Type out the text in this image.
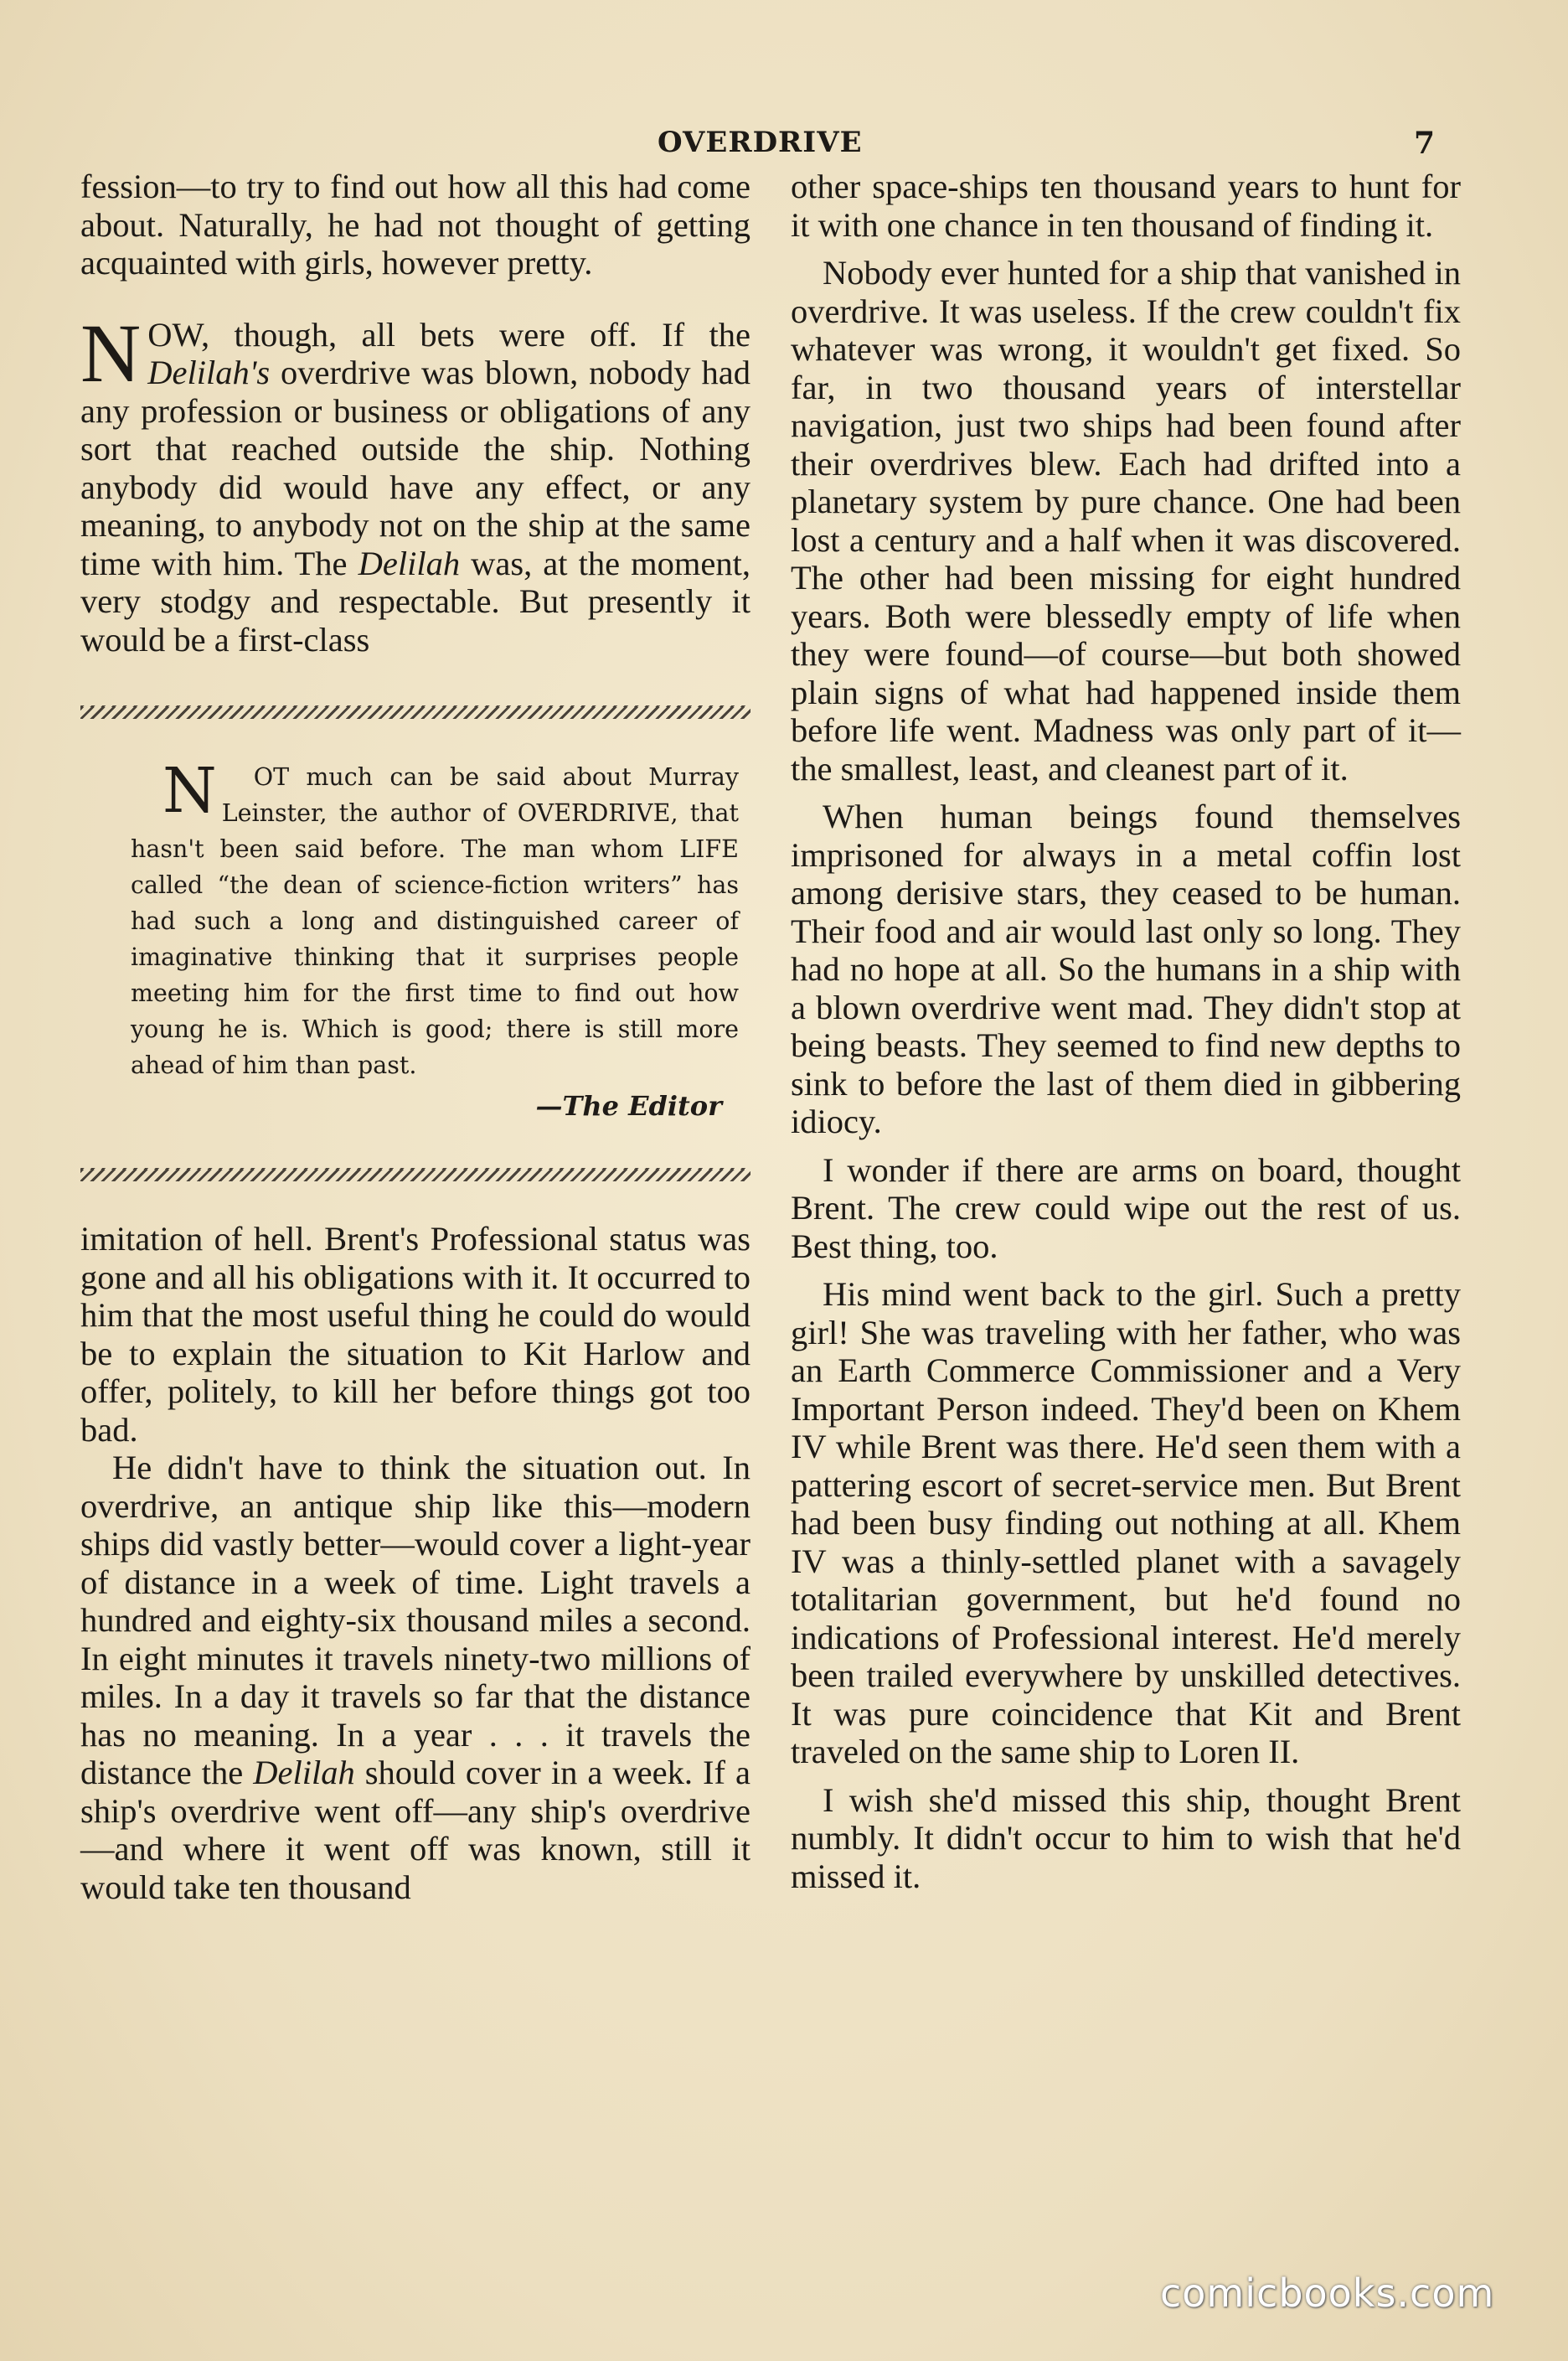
OVERDRIVE	7

fession—to try to find out how all this had come about. Naturally, he had not thought of getting acquainted with girls, however pretty.

NOW, though, all bets were off. If the Delilah's overdrive was blown, nobody had any profession or business or obligations of any sort that reached outside the ship. Nothing anybody did would have any effect, or any meaning, to anybody not on the ship at the same time with him. The Delilah was, at the moment, very stodgy and respectable. But presently it would be a first-class

N OT much can be said about Murray Leinster, the author of OVERDRIVE, that hasn't been said before. The man whom LIFE called “the dean of science-fiction writers” has had such a long and distinguished career of imaginative thinking that it surprises people meeting him for the first time to find out how young he is. Which is good; there is still more ahead of him than past.

—The Editor

imitation of hell. Brent's Professional status was gone and all his obligations with it. It occurred to him that the most useful thing he could do would be to explain the situation to Kit Harlow and offer, politely, to kill her before things got too bad.

He didn't have to think the situation out. In overdrive, an antique ship like this—modern ships did vastly better—would cover a light-year of distance in a week of time. Light travels a hundred and eighty-six thousand miles a second. In eight minutes it travels ninety-two millions of miles. In a day it travels so far that the distance has no meaning. In a year . . . it travels the distance the Delilah should cover in a week. If a ship's overdrive went off—any ship's overdrive—and where it went off was known, still it would take ten thousand

other space-ships ten thousand years to hunt for it with one chance in ten thousand of finding it.

Nobody ever hunted for a ship that vanished in overdrive. It was useless. If the crew couldn't fix whatever was wrong, it wouldn't get fixed. So far, in two thousand years of interstellar navigation, just two ships had been found after their overdrives blew. Each had drifted into a planetary system by pure chance. One had been lost a century and a half when it was discovered. The other had been missing for eight hundred years. Both were blessedly empty of life when they were found—of course—but both showed plain signs of what had happened inside them before life went. Madness was only part of it—the smallest, least, and cleanest part of it.

When human beings found themselves imprisoned for always in a metal coffin lost among derisive stars, they ceased to be human. Their food and air would last only so long. They had no hope at all. So the humans in a ship with a blown overdrive went mad. They didn't stop at being beasts. They seemed to find new depths to sink to before the last of them died in gibbering idiocy.

I wonder if there are arms on board, thought Brent. The crew could wipe out the rest of us. Best thing, too.

His mind went back to the girl. Such a pretty girl! She was traveling with her father, who was an Earth Commerce Commissioner and a Very Important Person indeed. They'd been on Khem IV while Brent was there. He'd seen them with a pattering escort of secret-service men. But Brent had been busy finding out nothing at all. Khem IV was a thinly-settled planet with a savagely totalitarian government, but he'd found no indications of Professional interest. He'd merely been trailed everywhere by unskilled detectives. It was pure coincidence that Kit and Brent traveled on the same ship to Loren II.

I wish she'd missed this ship, thought Brent numbly. It didn't occur to him to wish that he'd missed it.

comicbooks.com
